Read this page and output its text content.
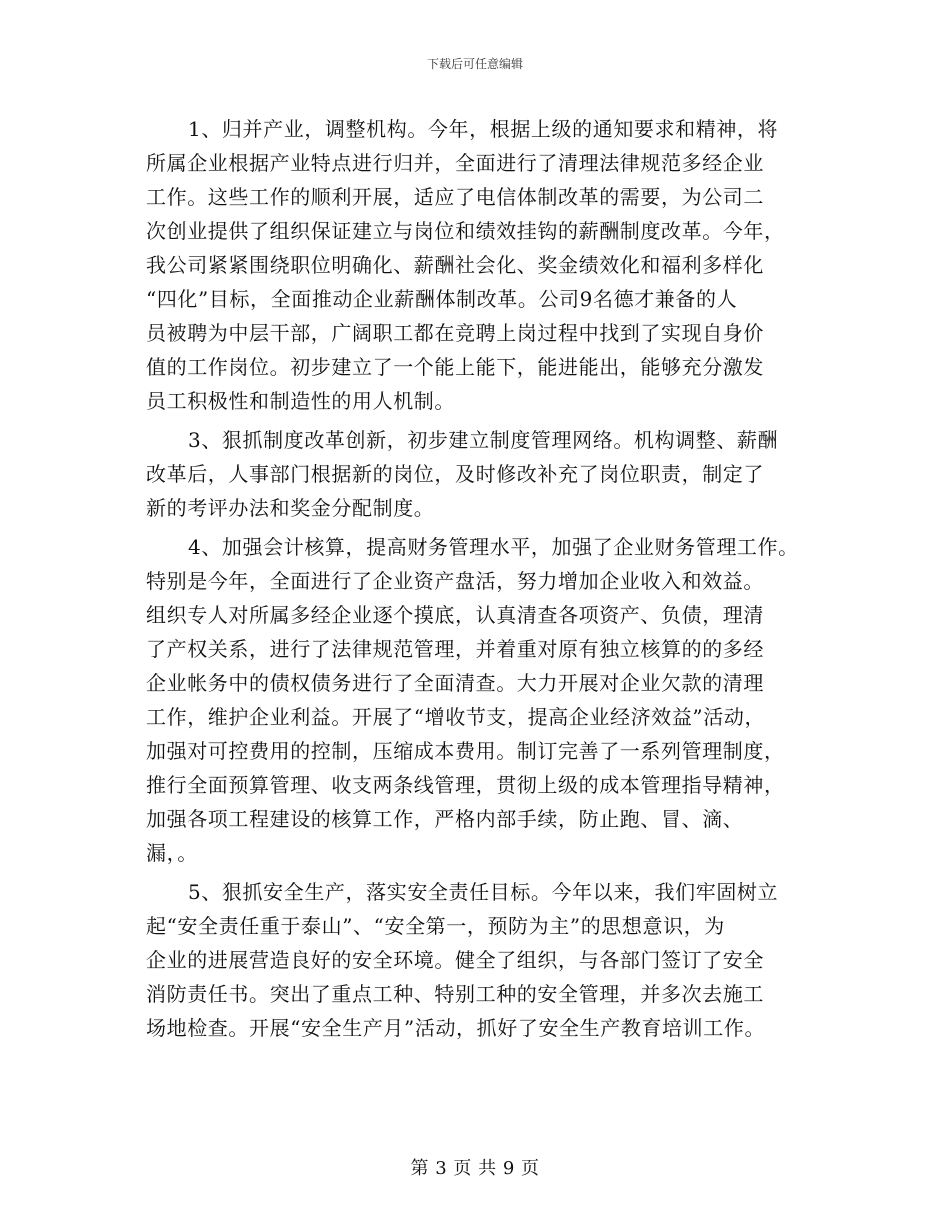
下载后可任意编辑
1、归并产业，调整机构。今年，根据上级的通知要求和精神，将
所属企业根据产业特点进行归并，全面进行了清理法律规范多经企业
工作。这些工作的顺利开展，适应了电信体制改革的需要，为公司二
次创业提供了组织保证建立与岗位和绩效挂钩的薪酬制度改革。今年，
我公司紧紧围绕职位明确化、薪酬社会化、奖金绩效化和福利多样化
“四化”目标，全面推动企业薪酬体制改革。公司9名德才兼备的人
员被聘为中层干部，广阔职工都在竞聘上岗过程中找到了实现自身价
值的工作岗位。初步建立了一个能上能下，能进能出，能够充分激发
员工积极性和制造性的用人机制。
3、狠抓制度改革创新，初步建立制度管理网络。机构调整、薪酬
改革后，人事部门根据新的岗位，及时修改补充了岗位职责，制定了
新的考评办法和奖金分配制度。
4、加强会计核算，提高财务管理水平，加强了企业财务管理工作。
特别是今年，全面进行了企业资产盘活，努力增加企业收入和效益。
组织专人对所属多经企业逐个摸底，认真清查各项资产、负债，理清
了产权关系，进行了法律规范管理，并着重对原有独立核算的的多经
企业帐务中的债权债务进行了全面清查。大力开展对企业欠款的清理
工作，维护企业利益。开展了“增收节支，提高企业经济效益”活动，
加强对可控费用的控制，压缩成本费用。制订完善了一系列管理制度，
推行全面预算管理、收支两条线管理，贯彻上级的成本管理指导精神，
加强各项工程建设的核算工作，严格内部手续，防止跑、冒、滴、
漏，。
5、狠抓安全生产，落实安全责任目标。今年以来，我们牢固树立
起“安全责任重于泰山”、“安全第一，预防为主”的思想意识，为
企业的进展营造良好的安全环境。健全了组织，与各部门签订了安全
消防责任书。突出了重点工种、特别工种的安全管理，并多次去施工
场地检查。开展“安全生产月”活动，抓好了安全生产教育培训工作。
第 3 页 共 9 页
